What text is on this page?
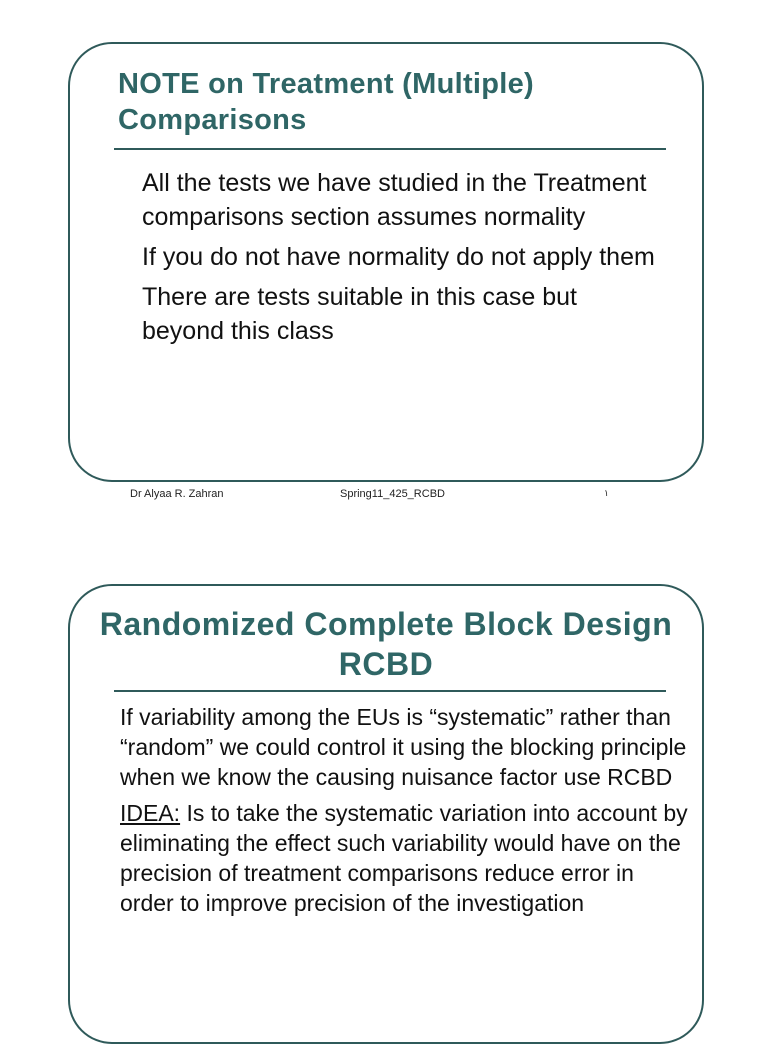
NOTE on Treatment (Multiple) Comparisons
All the tests we have studied in the Treatment comparisons section assumes normality
If you do not have normality do not apply them
There are tests suitable in this case but beyond this class
Dr Alyaa R. Zahran	Spring11_425_RCBD	۱
Randomized Complete Block Design RCBD
If variability among the EUs is “systematic” rather than “random” we could control it using the blocking principle when we know the causing nuisance factor use RCBD
IDEA: Is to take the systematic variation into account by eliminating the effect such variability would have on the precision of treatment comparisons reduce error in order to improve precision of the investigation
